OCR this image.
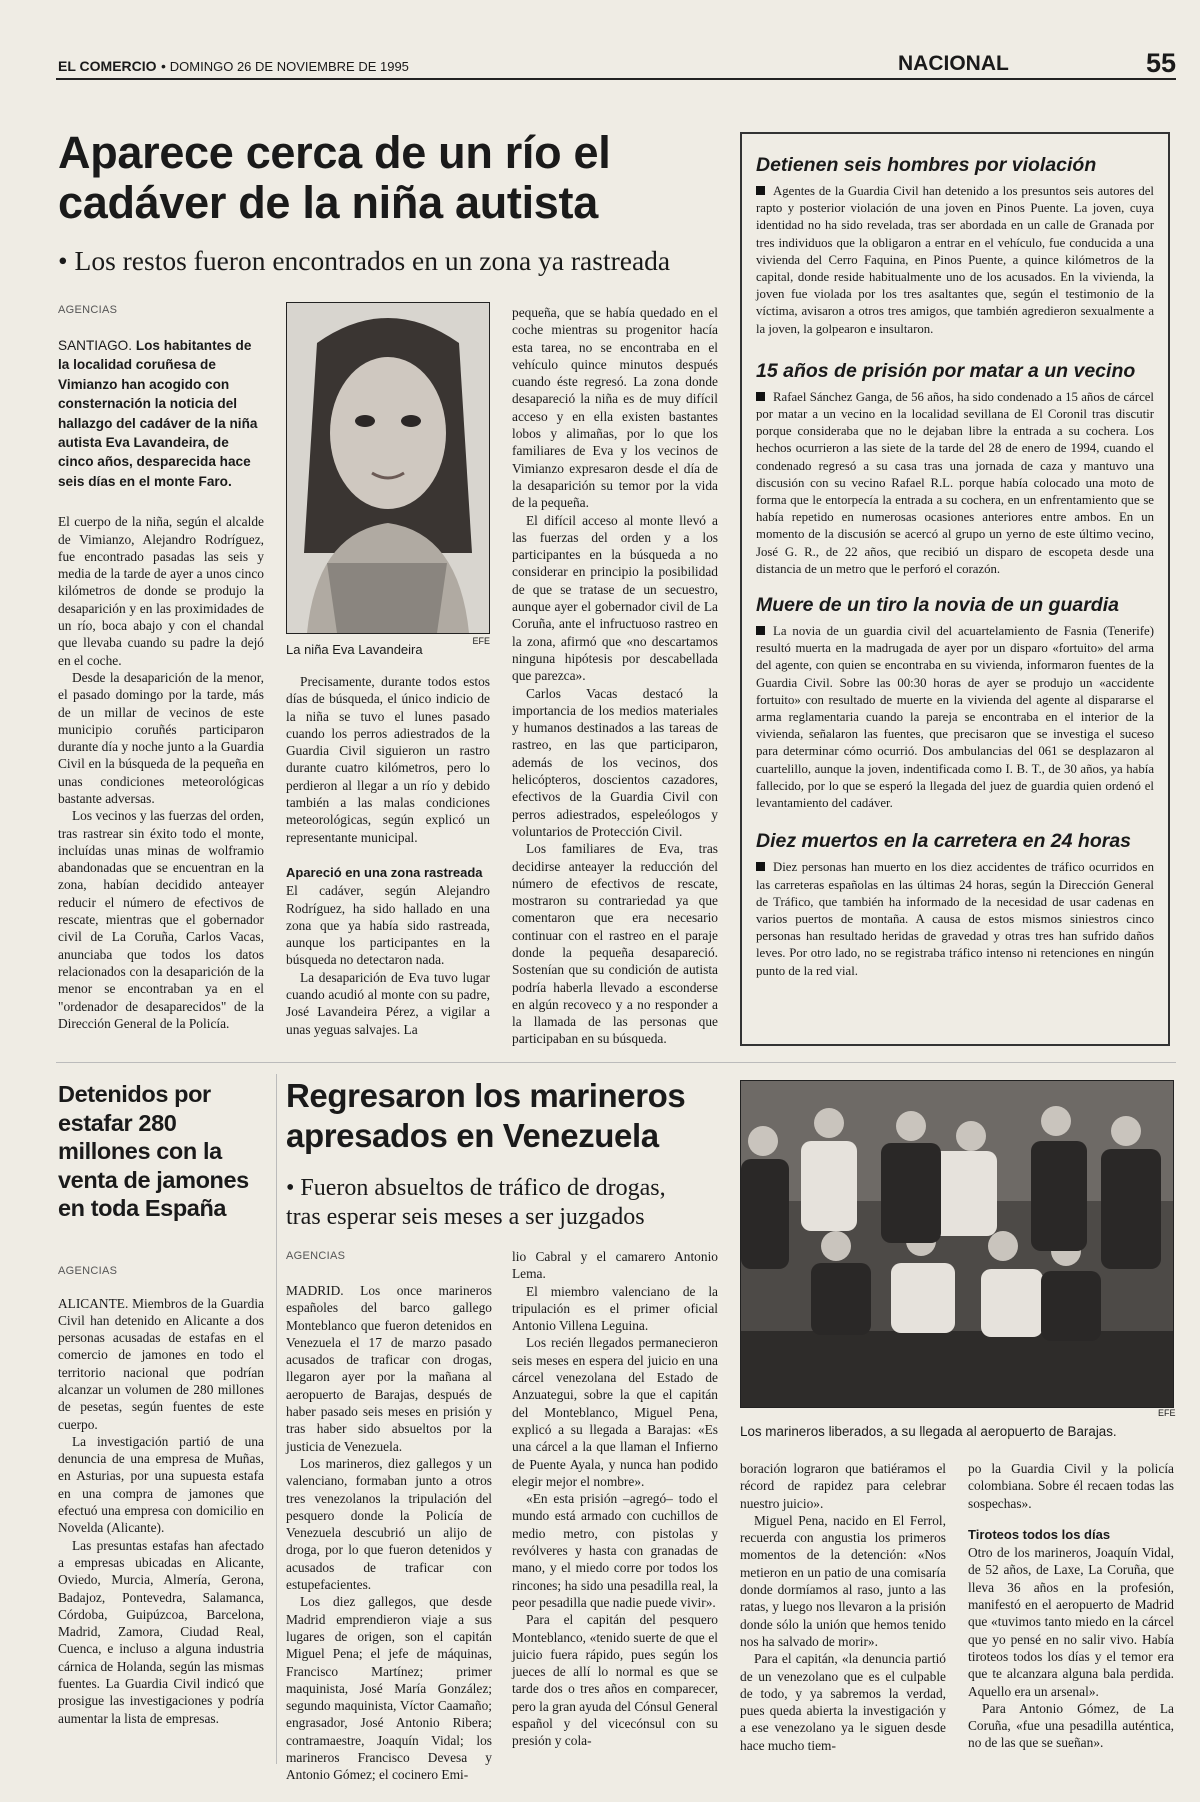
EL COMERCIO • DOMINGO 26 DE NOVIEMBRE DE 1995	NACIONAL	55
Aparece cerca de un río el
cadáver de la niña autista
• Los restos fueron encontrados en un zona ya rastreada
AGENCIAS
SANTIAGO. Los habitantes de la localidad coruñesa de Vimianzo han acogido con consternación la noticia del hallazgo del cadáver de la niña autista Eva Lavandeira, de cinco años, desparecida hace seis días en el monte Faro.

El cuerpo de la niña, según el alcalde de Vimianzo, Alejandro Rodríguez, fue encontrado pasadas las seis y media de la tarde de ayer a unos cinco kilómetros de donde se produjo la desaparición y en las proximidades de un río, boca abajo y con el chandal que llevaba cuando su padre la dejó en el coche.

Desde la desaparición de la menor, el pasado domingo por la tarde, más de un millar de vecinos de este municipio coruñés participaron durante día y noche junto a la Guardia Civil en la búsqueda de la pequeña en unas condiciones meteorológicas bastante adversas.

Los vecinos y las fuerzas del orden, tras rastrear sin éxito todo el monte, incluídas unas minas de wolframio abandonadas que se encuentran en la zona, habían decidido anteayer reducir el número de efectivos de rescate, mientras que el gobernador civil de La Coruña, Carlos Vacas, anunciaba que todos los datos relacionados con la desaparición de la menor se encontraban ya en el "ordenador de desaparecidos" de la Dirección General de la Policía.

EFE
La niña Eva Lavandeira

Precisamente, durante todos estos días de búsqueda, el único indicio de la niña se tuvo el lunes pasado cuando los perros adiestrados de la Guardia Civil siguieron un rastro durante cuatro kilómetros, pero lo perdieron al llegar a un río y debido también a las malas condiciones meteorológicas, según explicó un representante municipal.

Apareció en una zona rastreada

El cadáver, según Alejandro Rodríguez, ha sido hallado en una zona que ya había sido rastreada, aunque los participantes en la búsqueda no detectaron nada.

La desaparición de Eva tuvo lugar cuando acudió al monte con su padre, José Lavandeira Pérez, a vigilar a unas yeguas salvajes. La

pequeña, que se había quedado en el coche mientras su progenitor hacía esta tarea, no se encontraba en el vehículo quince minutos después cuando éste regresó. La zona donde desapareció la niña es de muy difícil acceso y en ella existen bastantes lobos y alimañas, por lo que los familiares de Eva y los vecinos de Vimianzo expresaron desde el día de la desaparición su temor por la vida de la pequeña.

El difícil acceso al monte llevó a las fuerzas del orden y a los participantes en la búsqueda a no considerar en principio la posibilidad de que se tratase de un secuestro, aunque ayer el gobernador civil de La Coruña, ante el infructuoso rastreo en la zona, afirmó que «no descartamos ninguna hipótesis por descabellada que parezca».

Carlos Vacas destacó la importancia de los medios materiales y humanos destinados a las tareas de rastreo, en las que participaron, además de los vecinos, dos helicópteros, doscientos cazadores, efectivos de la Guardia Civil con perros adiestrados, espeleólogos y voluntarios de Protección Civil.

Los familiares de Eva, tras decidirse anteayer la reducción del número de efectivos de rescate, mostraron su contrariedad ya que comentaron que era necesario continuar con el rastreo en el paraje donde la pequeña desapareció. Sostenían que su condición de autista podría haberla llevado a esconderse en algún recoveco y a no responder a la llamada de las personas que participaban en su búsqueda.

Detienen seis hombres por violación

Agentes de la Guardia Civil han detenido a los presuntos seis autores del rapto y posterior violación de una joven en Pinos Puente. La joven, cuya identidad no ha sido revelada, tras ser abordada en un calle de Granada por tres individuos que la obligaron a entrar en el vehículo, fue conducida a una vivienda del Cerro Faquina, en Pinos Puente, a quince kilómetros de la capital, donde reside habitualmente uno de los acusados. En la vivienda, la joven fue violada por los tres asaltantes que, según el testimonio de la víctima, avisaron a otros tres amigos, que también agredieron sexualmente a la joven, la golpearon e insultaron.

15 años de prisión por matar a un vecino

Rafael Sánchez Ganga, de 56 años, ha sido condenado a 15 años de cárcel por matar a un vecino en la localidad sevillana de El Coronil tras discutir porque consideraba que no le dejaban libre la entrada a su cochera. Los hechos ocurrieron a las siete de la tarde del 28 de enero de 1994, cuando el condenado regresó a su casa tras una jornada de caza y mantuvo una discusión con su vecino Rafael R.L. porque había colocado una moto de forma que le entorpecía la entrada a su cochera, en un enfrentamiento que se había repetido en numerosas ocasiones anteriores entre ambos. En un momento de la discusión se acercó al grupo un yerno de este último vecino, José G. R., de 22 años, que recibió un disparo de escopeta desde una distancia de un metro que le perforó el corazón.

Muere de un tiro la novia de un guardia

La novia de un guardia civil del acuartelamiento de Fasnia (Tenerife) resultó muerta en la madrugada de ayer por un disparo «fortuito» del arma del agente, con quien se encontraba en su vivienda, informaron fuentes de la Guardia Civil. Sobre las 00:30 horas de ayer se produjo un «accidente fortuito» con resultado de muerte en la vivienda del agente al dispararse el arma reglamentaria cuando la pareja se encontraba en el interior de la vivienda, señalaron las fuentes, que precisaron que se investiga el suceso para determinar cómo ocurrió. Dos ambulancias del 061 se desplazaron al cuartelillo, aunque la joven, indentificada como I. B. T., de 30 años, ya había fallecido, por lo que se esperó la llegada del juez de guardia quien ordenó el levantamiento del cadáver.

Diez muertos en la carretera en 24 horas

Diez personas han muerto en los diez accidentes de tráfico ocurridos en las carreteras españolas en las últimas 24 horas, según la Dirección General de Tráfico, que también ha informado de la necesidad de usar cadenas en varios puertos de montaña. A causa de estos mismos siniestros cinco personas han resultado heridas de gravedad y otras tres han sufrido daños leves. Por otro lado, no se registraba tráfico intenso ni retenciones en ningún punto de la red vial.

Detenidos por estafar 280 millones con la venta de jamones en toda España
AGENCIAS

ALICANTE. Miembros de la Guardia Civil han detenido en Alicante a dos personas acusadas de estafas en el comercio de jamones en todo el territorio nacional que podrían alcanzar un volumen de 280 millones de pesetas, según fuentes de este cuerpo.

La investigación partió de una denuncia de una empresa de Muñas, en Asturias, por una supuesta estafa en una compra de jamones que efectuó una empresa con domicilio en Novelda (Alicante).

Las presuntas estafas han afectado a empresas ubicadas en Alicante, Oviedo, Murcia, Almería, Gerona, Badajoz, Pontevedra, Salamanca, Córdoba, Guipúzcoa, Barcelona, Madrid, Zamora, Ciudad Real, Cuenca, e incluso a alguna industria cárnica de Holanda, según las mismas fuentes. La Guardia Civil indicó que prosigue las investigaciones y podría aumentar la lista de empresas.

Regresaron los marineros
apresados en Venezuela
• Fueron absueltos de tráfico de drogas,
tras esperar seis meses a ser juzgados
EFE
Los marineros liberados, a su llegada al aeropuerto de Barajas.
AGENCIAS

MADRID. Los once marineros españoles del barco gallego Monteblanco que fueron detenidos en Venezuela el 17 de marzo pasado acusados de traficar con drogas, llegaron ayer por la mañana al aeropuerto de Barajas, después de haber pasado seis meses en prisión y tras haber sido absueltos por la justicia de Venezuela.

Los marineros, diez gallegos y un valenciano, formaban junto a otros tres venezolanos la tripulación del pesquero donde la Policía de Venezuela descubrió un alijo de droga, por lo que fueron detenidos y acusados de traficar con estupefacientes.

Los diez gallegos, que desde Madrid emprendieron viaje a sus lugares de origen, son el capitán Miguel Pena; el jefe de máquinas, Francisco Martínez; primer maquinista, José María González; segundo maquinista, Víctor Caamaño; engrasador, José Antonio Ribera; contramaestre, Joaquín Vidal; los marineros Francisco Devesa y Antonio Gómez; el cocinero Emi-

lio Cabral y el camarero Antonio Lema.

El miembro valenciano de la tripulación es el primer oficial Antonio Villena Leguina.

Los recién llegados permanecieron seis meses en espera del juicio en una cárcel venezolana del Estado de Anzuategui, sobre la que el capitán del Monteblanco, Miguel Pena, explicó a su llegada a Barajas: «Es una cárcel a la que llaman el Infierno de Puente Ayala, y nunca han podido elegir mejor el nombre».

«En esta prisión –agregó– todo el mundo está armado con cuchillos de medio metro, con pistolas y revólveres y hasta con granadas de mano, y el miedo corre por todos los rincones; ha sido una pesadilla real, la peor pesadilla que nadie puede vivir».

Para el capitán del pesquero Monteblanco, «tenido suerte de que el juicio fuera rápido, pues según los jueces de allí lo normal es que se tarde dos o tres años en comparecer, pero la gran ayuda del Cónsul General español y del vicecónsul con su presión y cola-

boración lograron que batiéramos el récord de rapidez para celebrar nuestro juicio».

Miguel Pena, nacido en El Ferrol, recuerda con angustia los primeros momentos de la detención: «Nos metieron en un patio de una comisaría donde dormíamos al raso, junto a las ratas, y luego nos llevaron a la prisión donde sólo la unión que hemos tenido nos ha salvado de morir».

Para el capitán, «la denuncia partió de un venezolano que es el culpable de todo, y ya sabremos la verdad, pues queda abierta la investigación y a ese venezolano ya le siguen desde hace mucho tiem-

po la Guardia Civil y la policía colombiana. Sobre él recaen todas las sospechas».

Tiroteos todos los días

Otro de los marineros, Joaquín Vidal, de 52 años, de Laxe, La Coruña, que lleva 36 años en la profesión, manifestó en el aeropuerto de Madrid que «tuvimos tanto miedo en la cárcel que yo pensé en no salir vivo. Había tiroteos todos los días y el temor era que te alcanzara alguna bala perdida. Aquello era un arsenal».

Para Antonio Gómez, de La Coruña, «fue una pesadilla auténtica, no de las que se sueñan».
